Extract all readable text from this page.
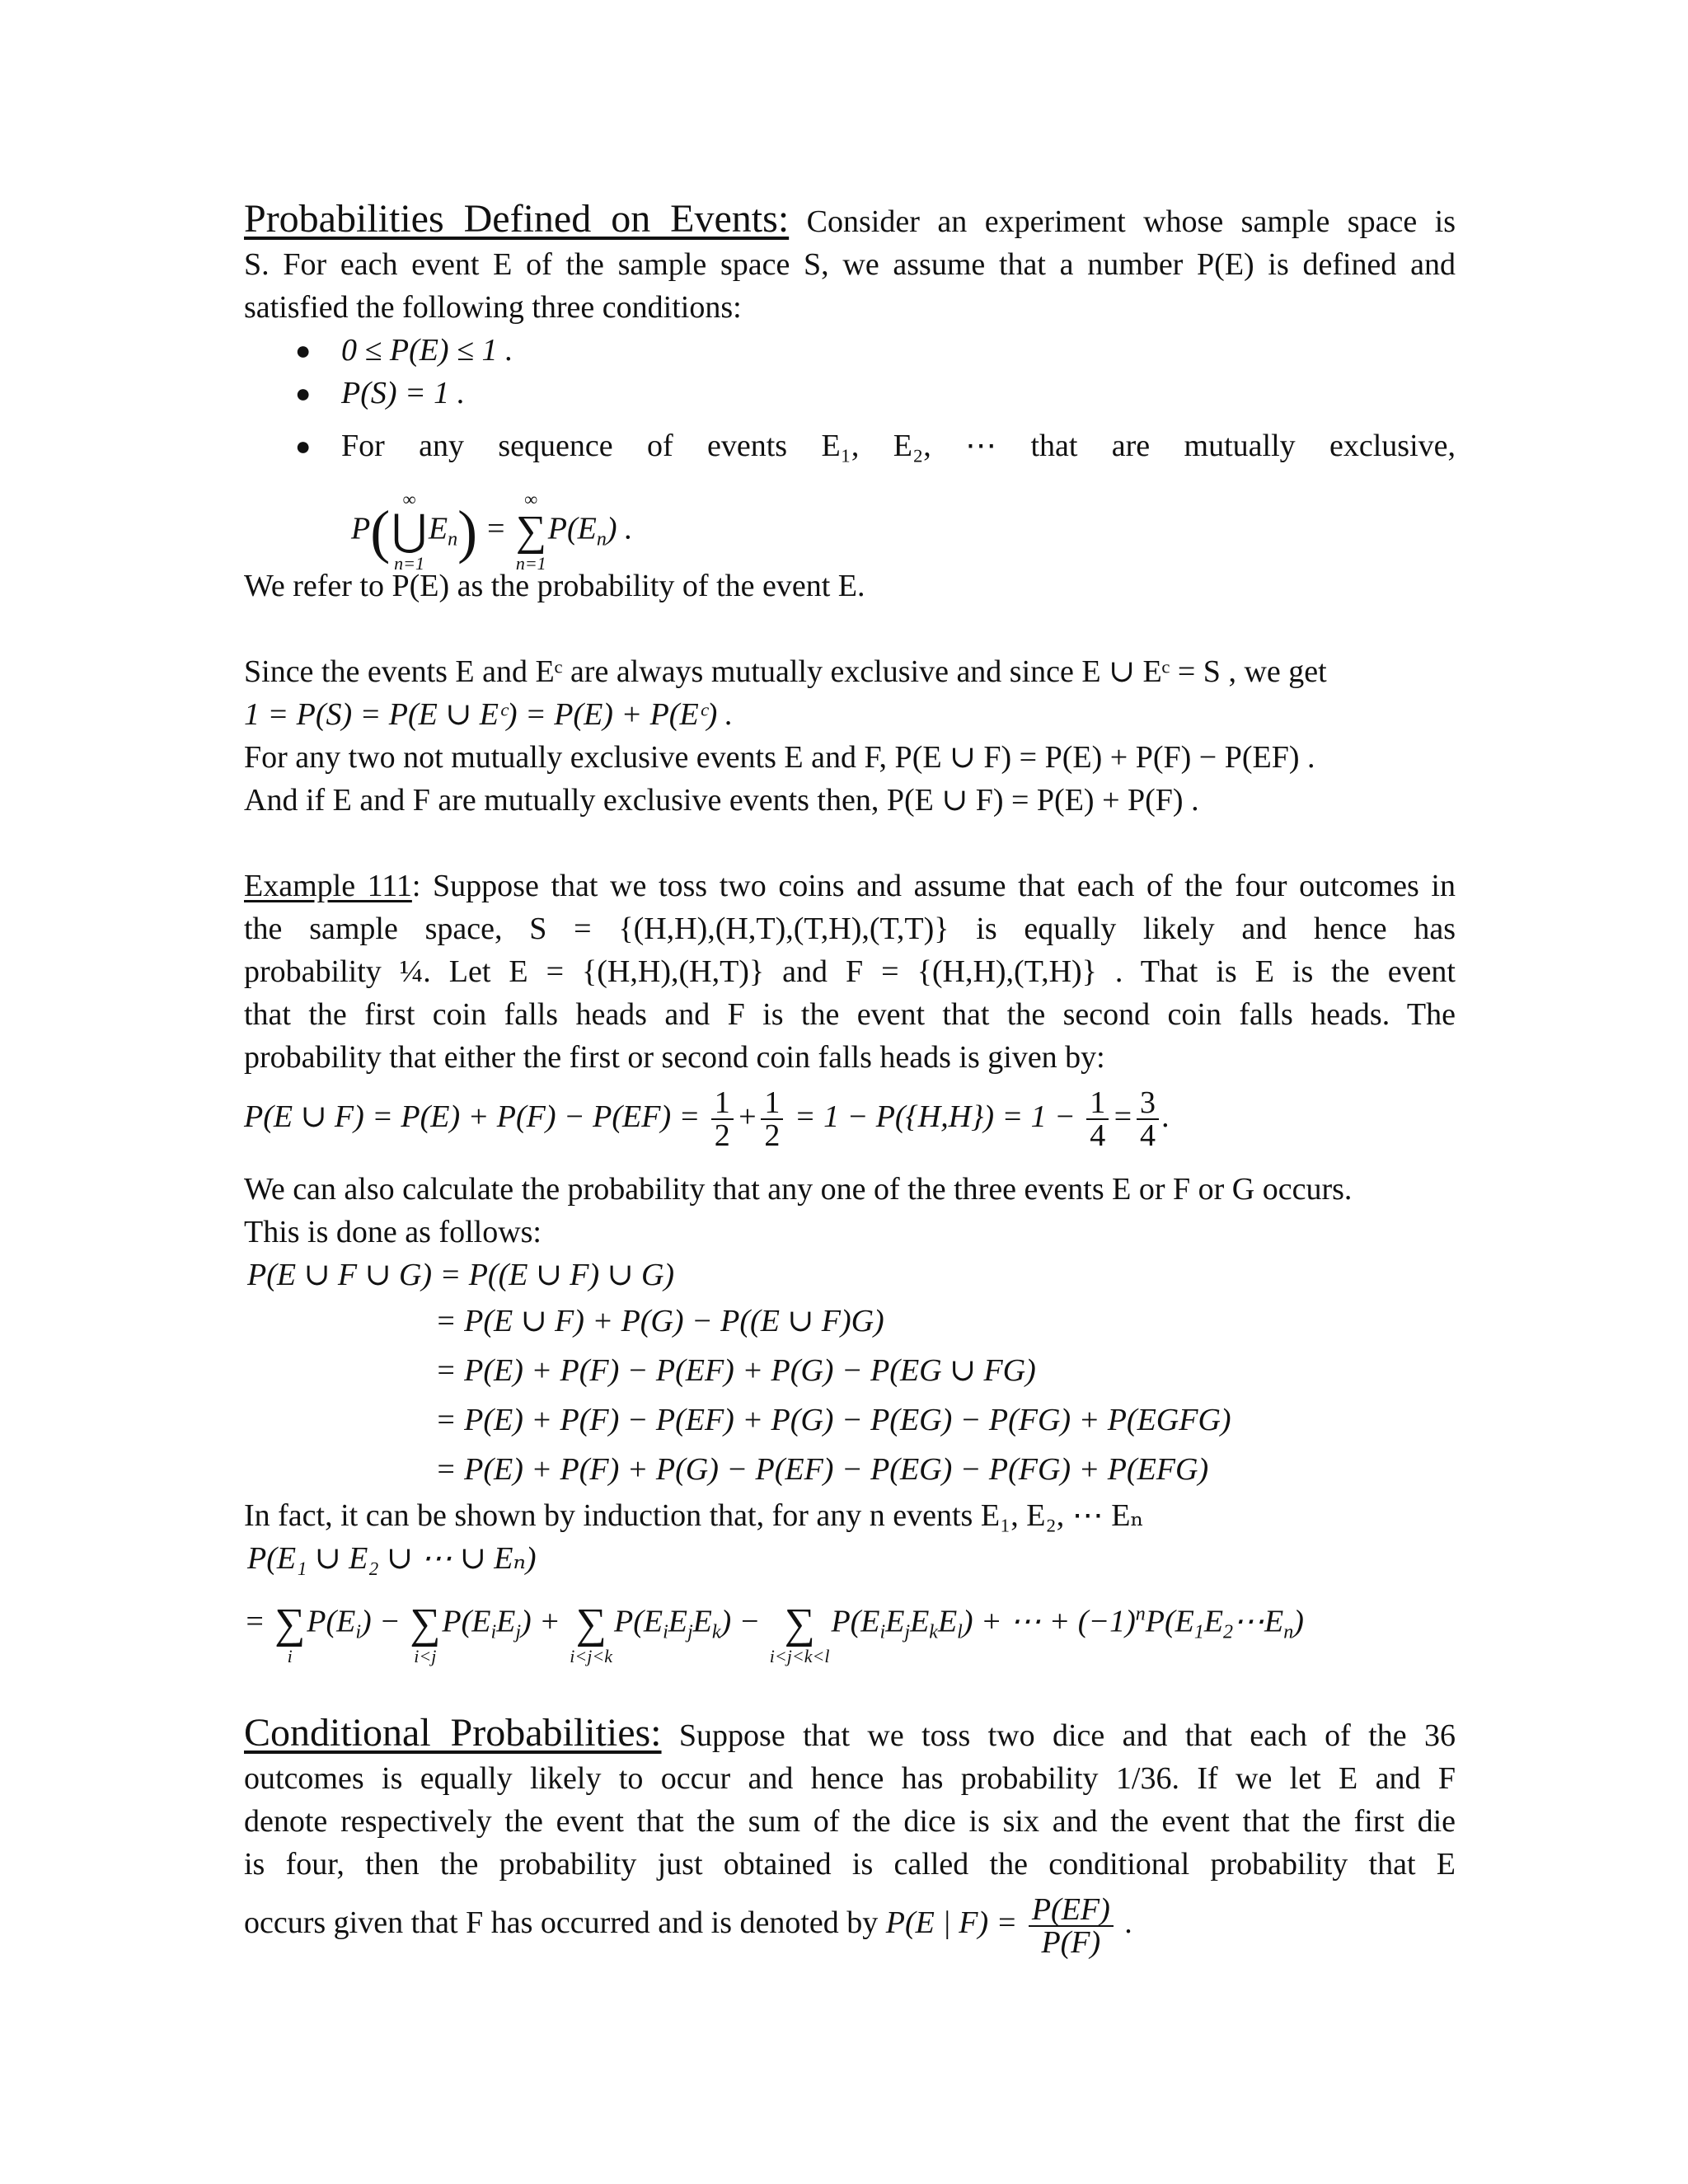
Probabilities Defined on Events: Consider an experiment whose sample space is

S. For each event E of the sample space S, we assume that a number P(E) is defined and

satisfied the following three conditions:

● 0 ≤ P(E) ≤ 1 .
● P(S) = 1 .
● For any sequence of events E₁, E₂, ⋯ that are mutually exclusive,

P( ∞
⋃
n=1
$E_n$) =
∞
∑
n=1
$P(E_n)$ .

We refer to P(E) as the probability of the event E.

Since the events E and Eᶜ are always mutually exclusive and since E ∪ Eᶜ = S , we get

1 = P(S) = P(E ∪ Eᶜ) = P(E) + P(Eᶜ) .

For any two not mutually exclusive events E and F, P(E ∪ F) = P(E) + P(F) − P(EF) .

And if E and F are mutually exclusive events then, P(E ∪ F) = P(E) + P(F) .

Example 111: Suppose that we toss two coins and assume that each of the four outcomes in

the sample space, S = {(H,H),(H,T),(T,H),(T,T)} is equally likely and hence has

probability ¼. Let E = {(H,H),(H,T)} and F = {(H,H),(T,H)} . That is E is the event

that the first coin falls heads and F is the event that the second coin falls heads. The

probability that either the first or second coin falls heads is given by:

P(E ∪ $F) = P(E) + P(F) - P(EF) = \frac{1}{2} + \frac{1}{2} = 1 - P(\{H,H\}) = 1 - \frac{1}{4} = \frac{3}{4}$ .

We can also calculate the probability that any one of the three events E or F or G occurs.

This is done as follows:

P(E ∪ F ∪ G) = P((E ∪ F) ∪ G)

= P(E ∪ F) + P(G) − P((E ∪ F)G)

= P(E) + P(F) − P(EF) + P(G) − P(EG ∪ FG)

= P(E) + P(F) − P(EF) + P(G) − P(EG) − P(FG) + P(EGFG)

= P(E) + P(F) + P(G) − P(EF) − P(EG) − P(FG) + P(EFG)

In fact, it can be shown by induction that, for any n events E₁, E₂, ⋯ Eₙ

P(E₁ ∪ E₂ ∪ ⋯ ∪ Eₙ)

=
∑
i
$P(E_i)$ −
∑
i<j
$P(E_iE_j)$ +
∑
i<j<k
$P(E_iE_jE_k)$ −
∑
i<j<k<l
$P(E_iE_jE_kE_l)$ + ⋯ + $(-1)^nP(E_1E_2\cdots E_n)$

Conditional Probabilities: Suppose that we toss two dice and that each of the 36

outcomes is equally likely to occur and hence has probability 1/36. If we let E and F

denote respectively the event that the sum of the dice is six and the event that the first die

is four, then the probability just obtained is called the conditional probability that E

occurs given that F has occurred and is denoted by P(E | $F) = \frac{P(EF)}{P(F)}$ .
